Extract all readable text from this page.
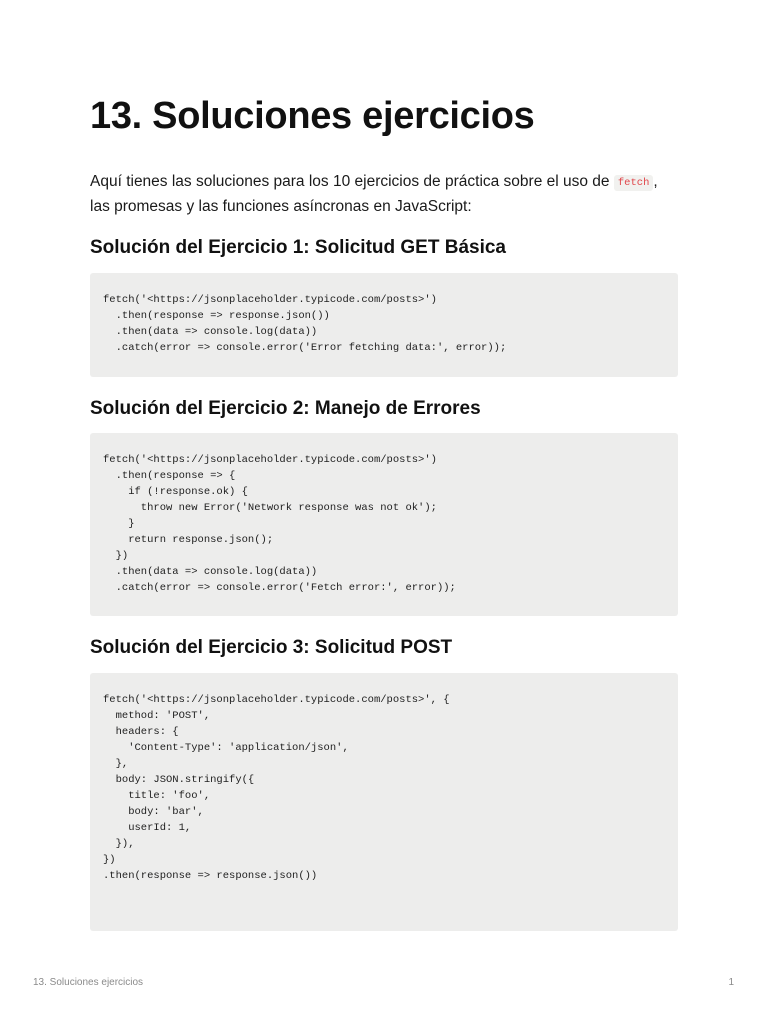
13. Soluciones ejercicios

Aquí tienes las soluciones para los 10 ejercicios de práctica sobre el uso de fetch , las promesas y las funciones asíncronas en JavaScript:

Solución del Ejercicio 1: Solicitud GET Básica
fetch('<https://jsonplaceholder.typicode.com/posts>')
.then(response => response.json())
.then(data => console.log(data))
.catch(error => console.error('Error fetching data:', error));
Solución del Ejercicio 2: Manejo de Errores
fetch('<https://jsonplaceholder.typicode.com/posts>')
.then(response => {
if (!response.ok) {
throw new Error('Network response was not ok');
}
return response.json();
})
.then(data => console.log(data))
.catch(error => console.error('Fetch error:', error));
Solución del Ejercicio 3: Solicitud POST
fetch('<https://jsonplaceholder.typicode.com/posts>', {
method: 'POST',
headers: {
'Content-Type': 'application/json',
},
body: JSON.stringify({
title: 'foo',
body: 'bar',
userId: 1,
}),
})
.then(response => response.json())
13. Soluciones ejercicios	1
